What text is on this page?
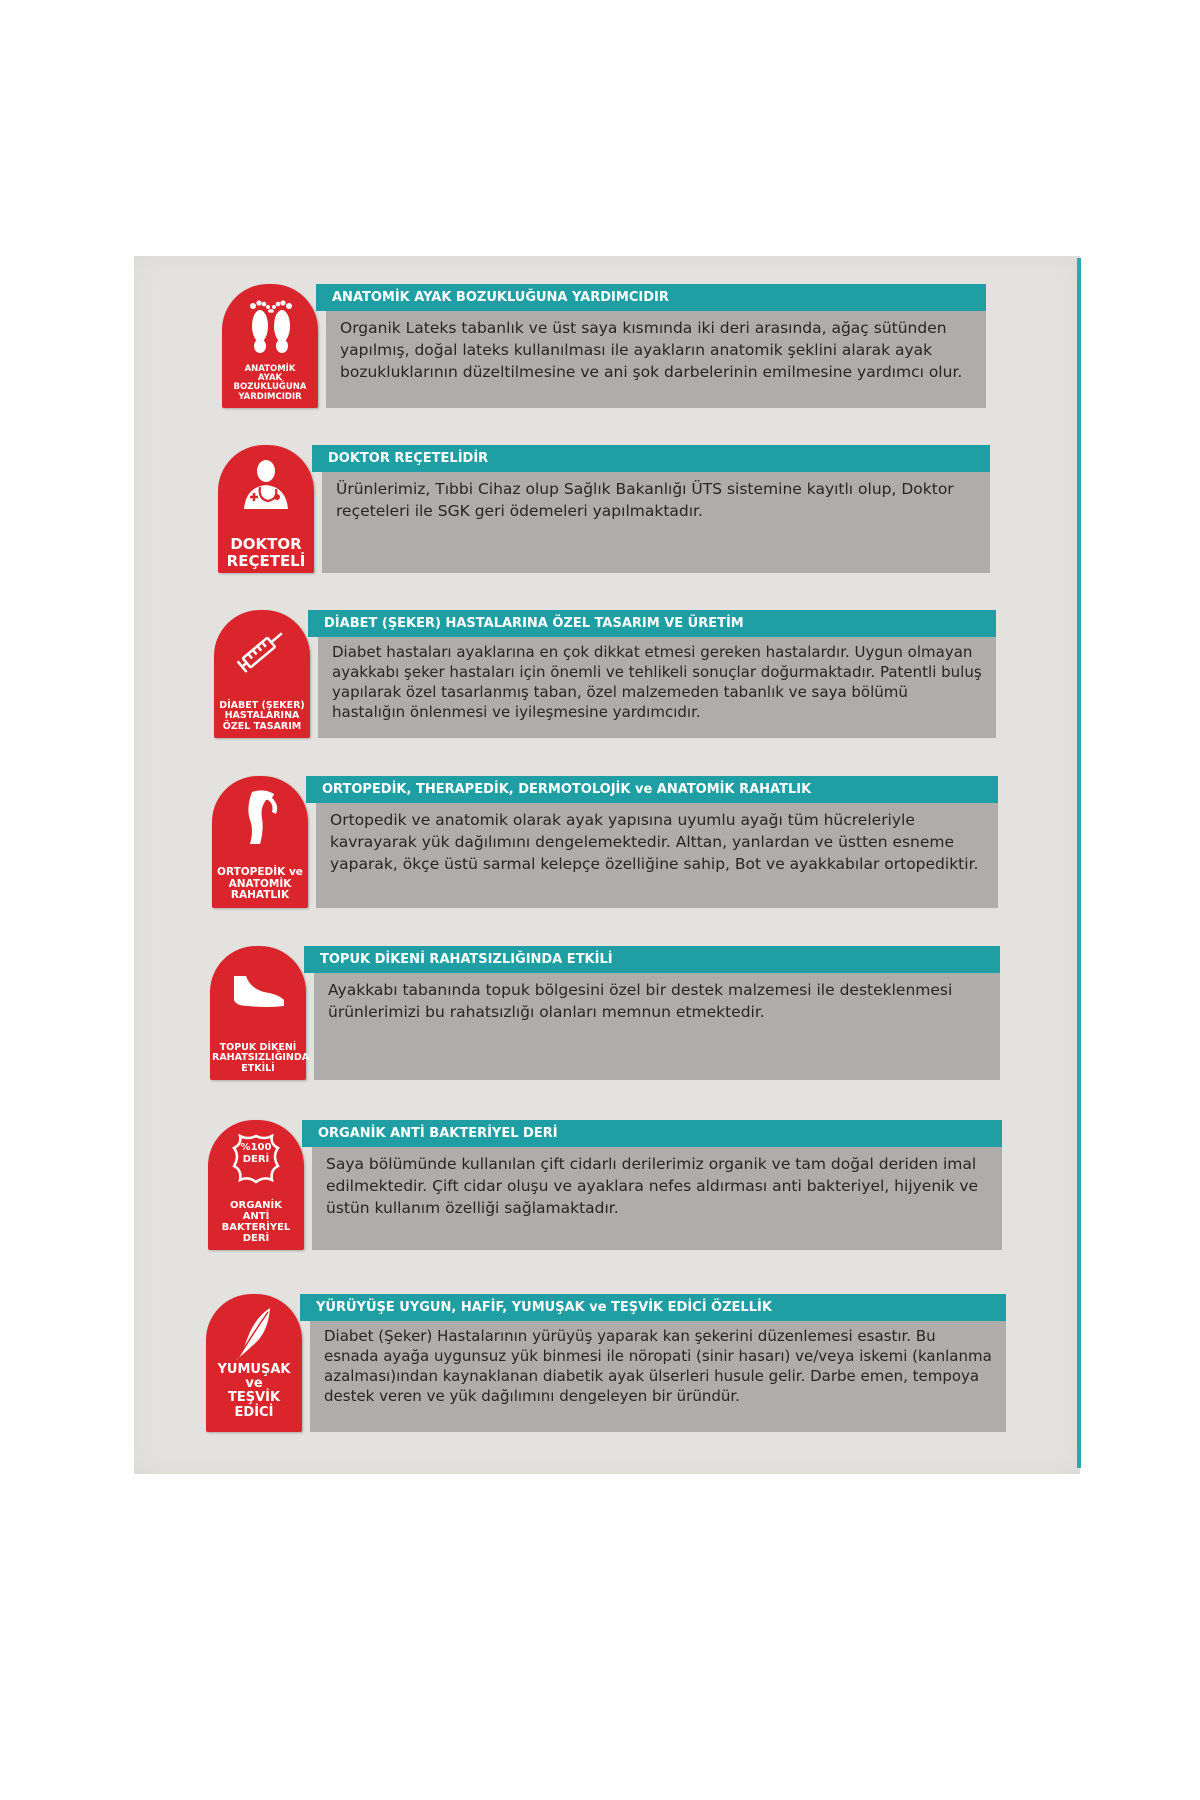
ANATOMİK
AYAK BOZUKLUĞUNA
YARDIMCIDIR
ANATOMİK AYAK BOZUKLUĞUNA YARDIMCIDIR
Organik Lateks tabanlık ve üst saya kısmında iki deri arasında, ağaç sütünden yapılmış, doğal lateks kullanılması ile ayakların anatomik şeklini alarak ayak bozukluklarının düzeltilmesine ve ani şok darbelerinin emilmesine yardımcı olur.
DOKTOR
REÇETELİ
DOKTOR REÇETELİDİR
Ürünlerimiz, Tıbbi Cihaz olup Sağlık Bakanlığı ÜTS sistemine kayıtlı olup, Doktor reçeteleri ile SGK geri ödemeleri yapılmaktadır.
DİABET (ŞEKER)
HASTALARINA
ÖZEL TASARIM
DİABET (ŞEKER) HASTALARINA ÖZEL TASARIM VE ÜRETİM
Diabet hastaları ayaklarına en çok dikkat etmesi gereken hastalardır. Uygun olmayan ayakkabı şeker hastaları için önemli ve tehlikeli sonuçlar doğurmaktadır. Patentli buluş yapılarak özel tasarlanmış taban, özel malzemeden tabanlık ve saya bölümü hastalığın önlenmesi ve iyileşmesine yardımcıdır.
ORTOPEDİK ve
ANATOMİK
RAHATLIK
ORTOPEDİK, THERAPEDİK, DERMOTOLOJİK ve ANATOMİK RAHATLIK
Ortopedik ve anatomik olarak ayak yapısına uyumlu ayağı tüm hücreleriyle kavrayarak yük dağılımını dengelemektedir. Alttan, yanlardan ve üstten esneme yaparak, ökçe üstü sarmal kelepçe özelliğine sahip, Bot ve ayakkabılar ortopediktir.
TOPUK DİKENİ
RAHATSIZLIĞINDA
ETKİLİ
TOPUK DİKENİ RAHATSIZLIĞINDA ETKİLİ
Ayakkabı tabanında topuk bölgesini özel bir destek malzemesi ile desteklenmesi ürünlerimizi bu rahatsızlığı olanları memnun etmektedir.
%100
DERİ
ORGANİK
ANTİ BAKTERİYEL
DERİ
ORGANİK ANTİ BAKTERİYEL DERİ
Saya bölümünde kullanılan çift cidarlı derilerimiz organik ve tam doğal deriden imal edilmektedir. Çift cidar oluşu ve ayaklara nefes aldırması anti bakteriyel, hijyenik ve üstün kullanım özelliği sağlamaktadır.
YUMUŞAK ve
TEŞVİK EDİCİ
YÜRÜYÜŞE UYGUN, HAFİF, YUMUŞAK ve TEŞVİK EDİCİ ÖZELLİK
Diabet (Şeker) Hastalarının yürüyüş yaparak kan şekerini düzenlemesi esastır. Bu esnada ayağa uygunsuz yük binmesi ile nöropati (sinir hasarı) ve/veya iskemi (kanlanma azalması)ından kaynaklanan diabetik ayak ülserleri husule gelir. Darbe emen, tempoya destek veren ve yük dağılımını dengeleyen bir üründür.
